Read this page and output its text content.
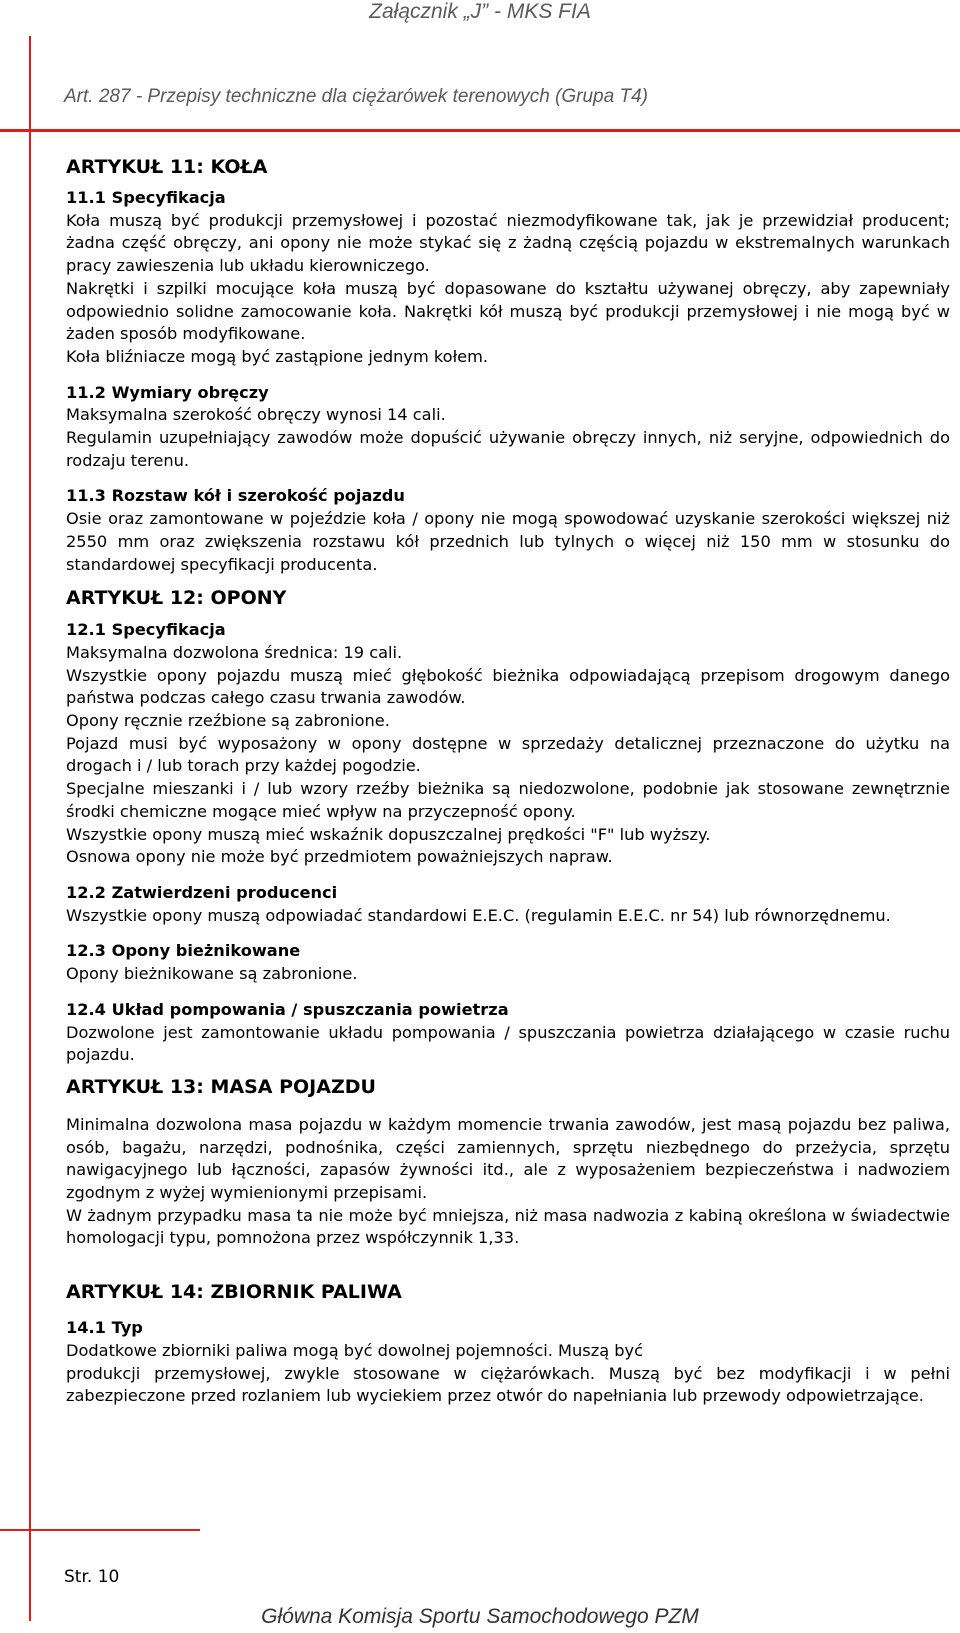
Załącznik „J” - MKS FIA
Art. 287 - Przepisy techniczne dla ciężarówek terenowych (Grupa T4)

ARTYKUŁ 11: KOŁA

11.1 Specyfikacja

Koła muszą być produkcji przemysłowej i pozostać niezmodyfikowane tak, jak je przewidział producent; żadna część obręczy, ani opony nie może stykać się z żadną częścią pojazdu w ekstremalnych warunkach pracy zawieszenia lub układu kierowniczego.

Nakrętki i szpilki mocujące koła muszą być dopasowane do kształtu używanej obręczy, aby zapewniały odpowiednio solidne zamocowanie koła. Nakrętki kół muszą być produkcji przemysłowej i nie mogą być w żaden sposób modyfikowane.

Koła bliźniacze mogą być zastąpione jednym kołem.

11.2 Wymiary obręczy

Maksymalna szerokość obręczy wynosi 14 cali.

Regulamin uzupełniający zawodów może dopuścić używanie obręczy innych, niż seryjne, odpowiednich do rodzaju terenu.

11.3 Rozstaw kół i szerokość pojazdu

Osie oraz zamontowane w pojeździe koła / opony nie mogą spowodować uzyskanie szerokości większej niż 2550 mm oraz zwiększenia rozstawu kół przednich lub tylnych o więcej niż 150 mm w stosunku do standardowej specyfikacji producenta.

ARTYKUŁ 12: OPONY

12.1 Specyfikacja

Maksymalna dozwolona średnica: 19 cali.

Wszystkie opony pojazdu muszą mieć głębokość bieżnika odpowiadającą przepisom drogowym danego państwa podczas całego czasu trwania zawodów.

Opony ręcznie rzeźbione są zabronione.

Pojazd musi być wyposażony w opony dostępne w sprzedaży detalicznej przeznaczone do użytku na drogach i / lub torach przy każdej pogodzie.

Specjalne mieszanki i / lub wzory rzeźby bieżnika są niedozwolone, podobnie jak stosowane zewnętrznie środki chemiczne mogące mieć wpływ na przyczepność opony.

Wszystkie opony muszą mieć wskaźnik dopuszczalnej prędkości "F" lub wyższy.

Osnowa opony nie może być przedmiotem poważniejszych napraw.

12.2 Zatwierdzeni producenci

Wszystkie opony muszą odpowiadać standardowi E.E.C. (regulamin E.E.C. nr 54) lub równorzędnemu.

12.3 Opony bieżnikowane

Opony bieżnikowane są zabronione.

12.4 Układ pompowania / spuszczania powietrza

Dozwolone jest zamontowanie układu pompowania / spuszczania powietrza działającego w czasie ruchu pojazdu.

ARTYKUŁ 13: MASA POJAZDU

Minimalna dozwolona masa pojazdu w każdym momencie trwania zawodów, jest masą pojazdu bez paliwa, osób, bagażu, narzędzi, podnośnika, części zamiennych, sprzętu niezbędnego do przeżycia, sprzętu nawigacyjnego lub łączności, zapasów żywności itd., ale z wyposażeniem bezpieczeństwa i nadwoziem zgodnym z wyżej wymienionymi przepisami.

W żadnym przypadku masa ta nie może być mniejsza, niż masa nadwozia z kabiną określona w świadectwie homologacji typu, pomnożona przez współczynnik 1,33.

ARTYKUŁ 14: ZBIORNIK PALIWA

14.1 Typ

Dodatkowe zbiorniki paliwa mogą być dowolnej pojemności. Muszą być

produkcji przemysłowej, zwykle stosowane w ciężarówkach. Muszą być bez modyfikacji i w pełni zabezpieczone przed rozlaniem lub wyciekiem przez otwór do napełniania lub przewody odpowietrzające.

Str. 10
Główna Komisja Sportu Samochodowego PZM
